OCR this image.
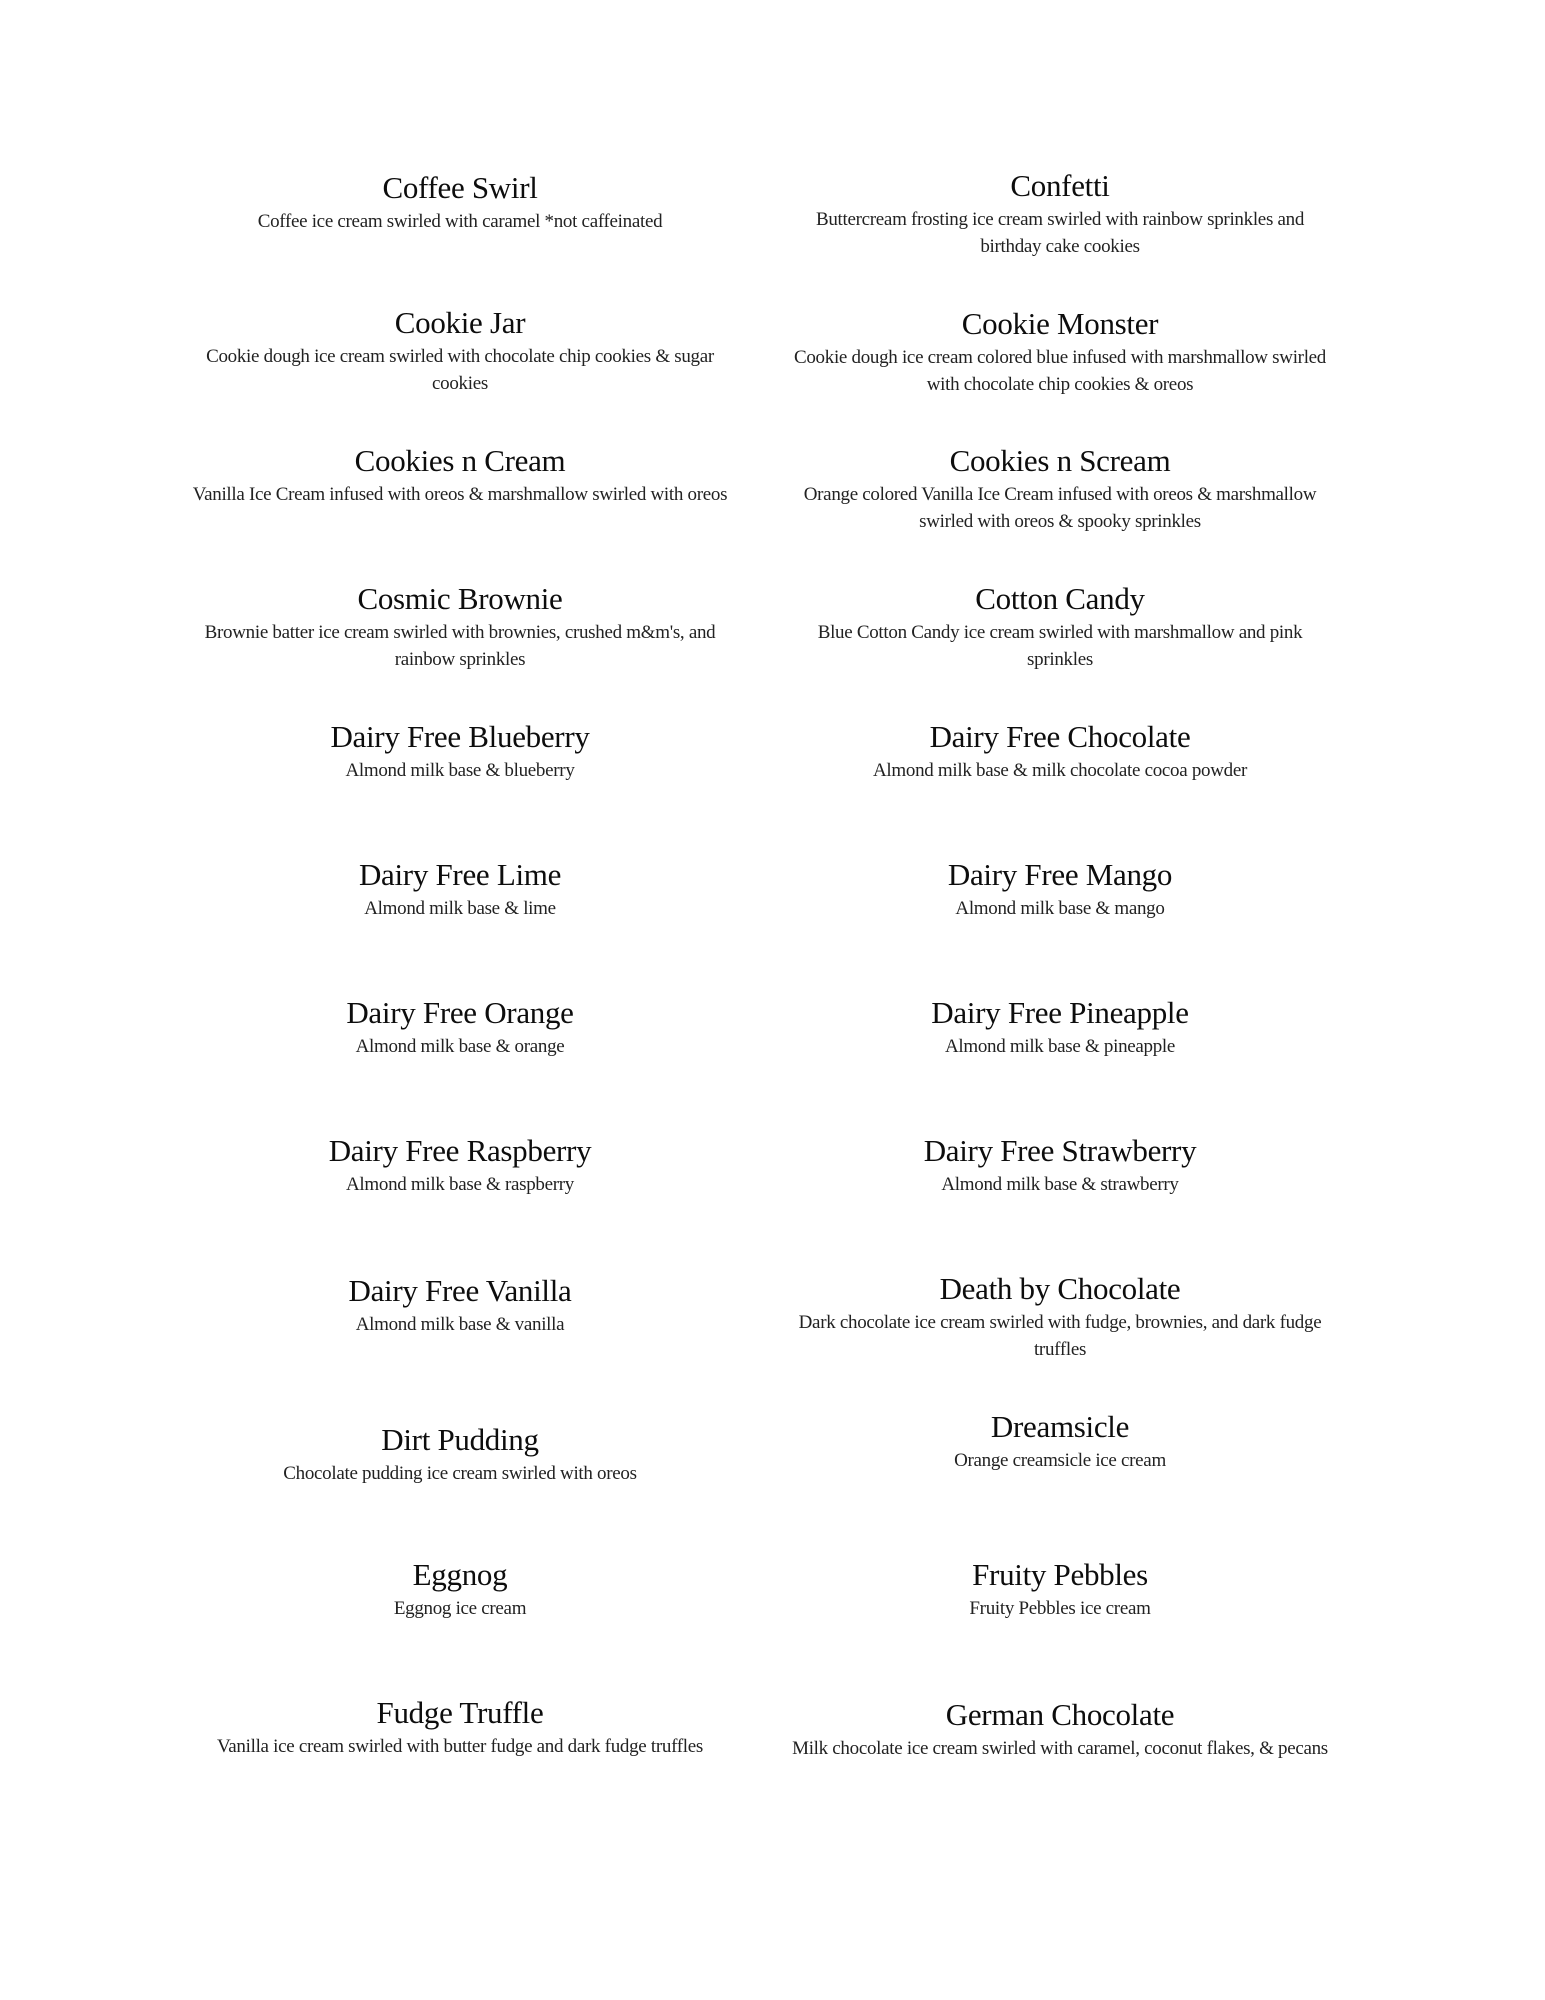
Coffee Swirl
Coffee ice cream swirled with caramel *not caffeinated
Cookie Jar
Cookie dough ice cream swirled with chocolate chip cookies & sugar cookies
Cookies n Cream
Vanilla Ice Cream infused with oreos & marshmallow swirled with oreos
Cosmic Brownie
Brownie batter ice cream swirled with brownies, crushed m&m's, and rainbow sprinkles
Dairy Free Blueberry
Almond milk base & blueberry
Dairy Free Lime
Almond milk base & lime
Dairy Free Orange
Almond milk base & orange
Dairy Free Raspberry
Almond milk base & raspberry
Dairy Free Vanilla
Almond milk base & vanilla
Dirt Pudding
Chocolate pudding ice cream swirled with oreos
Eggnog
Eggnog ice cream
Fudge Truffle
Vanilla ice cream swirled with butter fudge and dark fudge truffles
Confetti
Buttercream frosting ice cream swirled with rainbow sprinkles and birthday cake cookies
Cookie Monster
Cookie dough ice cream colored blue infused with marshmallow swirled with chocolate chip cookies & oreos
Cookies n Scream
Orange colored Vanilla Ice Cream infused with oreos & marshmallow swirled with oreos & spooky sprinkles
Cotton Candy
Blue Cotton Candy ice cream swirled with marshmallow and pink sprinkles
Dairy Free Chocolate
Almond milk base & milk chocolate cocoa powder
Dairy Free Mango
Almond milk base & mango
Dairy Free Pineapple
Almond milk base & pineapple
Dairy Free Strawberry
Almond milk base & strawberry
Death by Chocolate
Dark chocolate ice cream swirled with fudge, brownies, and dark fudge truffles
Dreamsicle
Orange creamsicle ice cream
Fruity Pebbles
Fruity Pebbles ice cream
German Chocolate
Milk chocolate ice cream swirled with caramel, coconut flakes, & pecans
